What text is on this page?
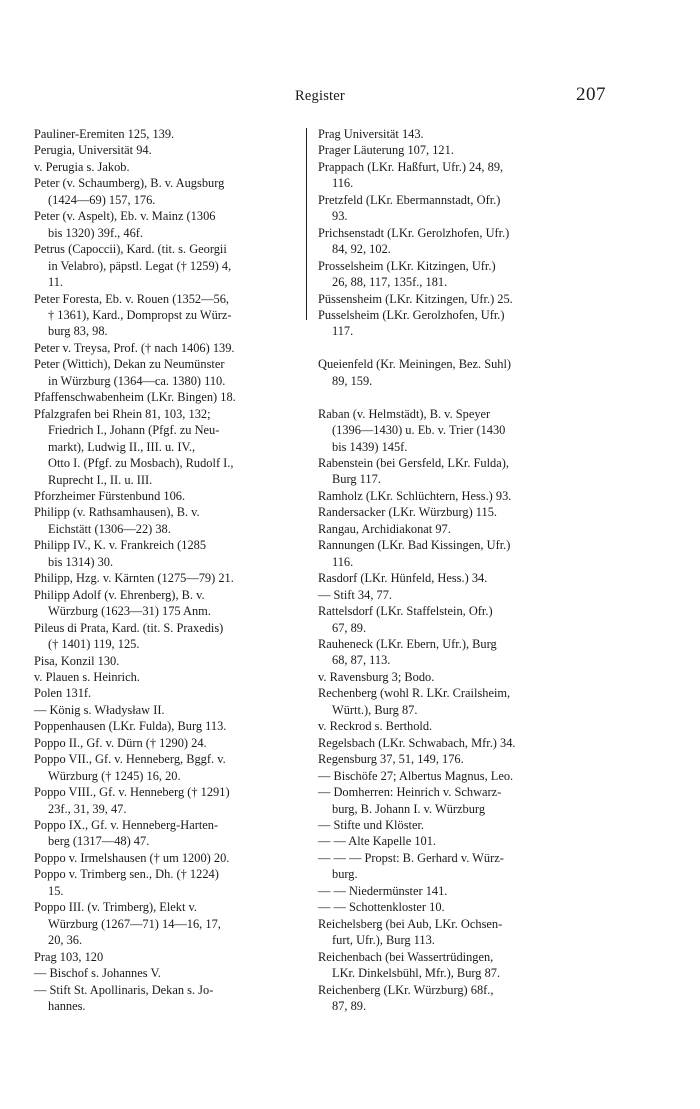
Register	207
Pauliner-Eremiten 125, 139.
Perugia, Universität 94.
v. Perugia s. Jakob.
Peter (v. Schaumberg), B. v. Augsburg
(1424—69) 157, 176.
Peter (v. Aspelt), Eb. v. Mainz (1306
bis 1320) 39f., 46f.
Petrus (Capoccii), Kard. (tit. s. Georgii
in Velabro), päpstl. Legat († 1259) 4,
11.
Peter Foresta, Eb. v. Rouen (1352—56,
† 1361), Kard., Dompropst zu Würz-
burg 83, 98.
Peter v. Treysa, Prof. († nach 1406) 139.
Peter (Wittich), Dekan zu Neumünster
in Würzburg (1364—ca. 1380) 110.
Pfaffenschwabenheim (LKr. Bingen) 18.
Pfalzgrafen bei Rhein 81, 103, 132;
Friedrich I., Johann (Pfgf. zu Neu-
markt), Ludwig II., III. u. IV.,
Otto I. (Pfgf. zu Mosbach), Rudolf I.,
Ruprecht I., II. u. III.
Pforzheimer Fürstenbund 106.
Philipp (v. Rathsamhausen), B. v.
Eichstätt (1306—22) 38.
Philipp IV., K. v. Frankreich (1285
bis 1314) 30.
Philipp, Hzg. v. Kärnten (1275—79) 21.
Philipp Adolf (v. Ehrenberg), B. v.
Würzburg (1623—31) 175 Anm.
Pileus di Prata, Kard. (tit. S. Praxedis)
(† 1401) 119, 125.
Pisa, Konzil 130.
v. Plauen s. Heinrich.
Polen 131f.
— König s. Władysław II.
Poppenhausen (LKr. Fulda), Burg 113.
Poppo II., Gf. v. Dürn († 1290) 24.
Poppo VII., Gf. v. Henneberg, Bggf. v.
Würzburg († 1245) 16, 20.
Poppo VIII., Gf. v. Henneberg († 1291)
23f., 31, 39, 47.
Poppo IX., Gf. v. Henneberg-Harten-
berg (1317—48) 47.
Poppo v. Irmelshausen († um 1200) 20.
Poppo v. Trimberg sen., Dh. († 1224)
15.
Poppo III. (v. Trimberg), Elekt v.
Würzburg (1267—71) 14—16, 17,
20, 36.
Prag 103, 120
— Bischof s. Johannes V.
— Stift St. Apollinaris, Dekan s. Jo-
hannes.
Prag Universität 143.
Prager Läuterung 107, 121.
Prappach (LKr. Haßfurt, Ufr.) 24, 89,
116.
Pretzfeld (LKr. Ebermannstadt, Ofr.)
93.
Prichsenstadt (LKr. Gerolzhofen, Ufr.)
84, 92, 102.
Prosselsheim (LKr. Kitzingen, Ufr.)
26, 88, 117, 135f., 181.
Püssensheim (LKr. Kitzingen, Ufr.) 25.
Pusselsheim (LKr. Gerolzhofen, Ufr.)
117.
Queienfeld (Kr. Meiningen, Bez. Suhl)
89, 159.
Raban (v. Helmstädt), B. v. Speyer
(1396—1430) u. Eb. v. Trier (1430
bis 1439) 145f.
Rabenstein (bei Gersfeld, LKr. Fulda),
Burg 117.
Ramholz (LKr. Schlüchtern, Hess.) 93.
Randersacker (LKr. Würzburg) 115.
Rangau, Archidiakonat 97.
Rannungen (LKr. Bad Kissingen, Ufr.)
116.
Rasdorf (LKr. Hünfeld, Hess.) 34.
— Stift 34, 77.
Rattelsdorf (LKr. Staffelstein, Ofr.)
67, 89.
Rauheneck (LKr. Ebern, Ufr.), Burg
68, 87, 113.
v. Ravensburg 3; Bodo.
Rechenberg (wohl R. LKr. Crailsheim,
Württ.), Burg 87.
v. Reckrod s. Berthold.
Regelsbach (LKr. Schwabach, Mfr.) 34.
Regensburg 37, 51, 149, 176.
— Bischöfe 27; Albertus Magnus, Leo.
— Domherren: Heinrich v. Schwarz-
burg, B. Johann I. v. Würzburg
— Stifte und Klöster.
— — Alte Kapelle 101.
— — — Propst: B. Gerhard v. Würz-
burg.
— — Niedermünster 141.
— — Schottenkloster 10.
Reichelsberg (bei Aub, LKr. Ochsen-
furt, Ufr.), Burg 113.
Reichenbach (bei Wassertrüdingen,
LKr. Dinkelsbühl, Mfr.), Burg 87.
Reichenberg (LKr. Würzburg) 68f.,
87, 89.
